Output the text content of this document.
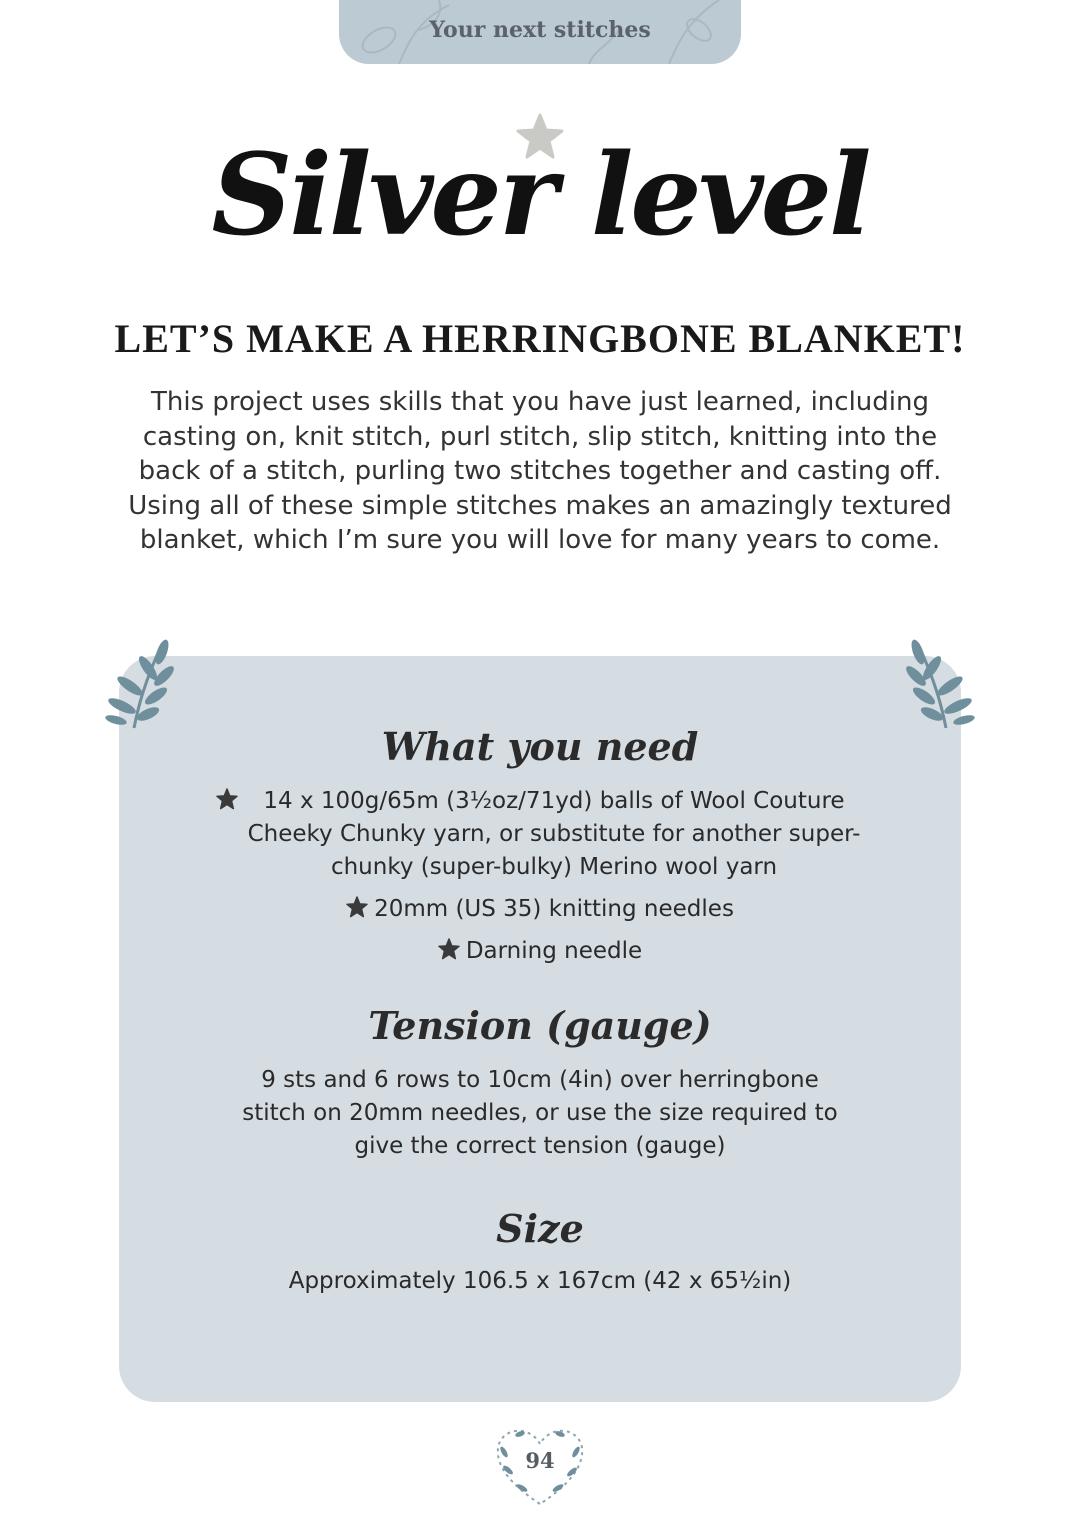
Your next stitches
Silver level
LET’S MAKE A HERRINGBONE BLANKET!
This project uses skills that you have just learned, including casting on, knit stitch, purl stitch, slip stitch, knitting into the back of a stitch, purling two stitches together and casting off. Using all of these simple stitches makes an amazingly textured blanket, which I’m sure you will love for many years to come.
What you need
14 x 100g/65m (3½oz/71yd) balls of Wool Couture Cheeky Chunky yarn, or substitute for another super-chunky (super-bulky) Merino wool yarn
20mm (US 35) knitting needles
Darning needle
Tension (gauge)
9 sts and 6 rows to 10cm (4in) over herringbone stitch on 20mm needles, or use the size required to give the correct tension (gauge)
Size
Approximately 106.5 x 167cm (42 x 65½in)
94
